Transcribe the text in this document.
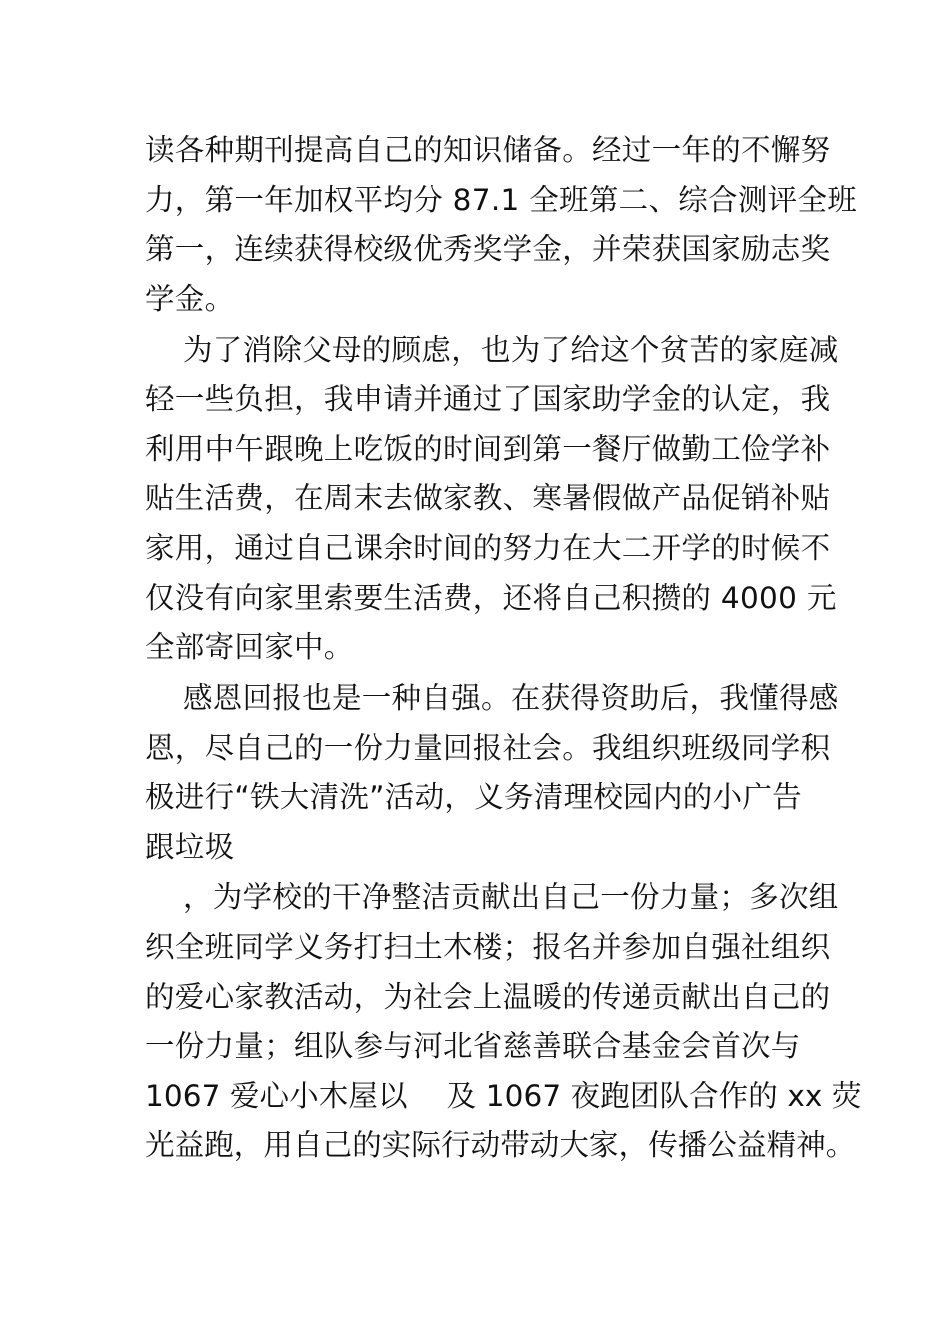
读各种期刊提高自己的知识储备。经过一年的不懈努
力，第一年加权平均分 87.1 全班第二、综合测评全班
第一，连续获得校级优秀奖学金，并荣获国家励志奖
学金。

为了消除父母的顾虑，也为了给这个贫苦的家庭减
轻一些负担，我申请并通过了国家助学金的认定，我
利用中午跟晚上吃饭的时间到第一餐厅做勤工俭学补
贴生活费，在周末去做家教、寒暑假做产品促销补贴
家用，通过自己课余时间的努力在大二开学的时候不
仅没有向家里索要生活费，还将自己积攒的 4000 元
全部寄回家中。

感恩回报也是一种自强。在获得资助后，我懂得感
恩，尽自己的一份力量回报社会。我组织班级同学积
极进行“铁大清洗”活动，义务清理校园内的小广告
跟垃圾

，为学校的干净整洁贡献出自己一份力量；多次组
织全班同学义务打扫土木楼；报名并参加自强社组织
的爱心家教活动，为社会上温暖的传递贡献出自己的
一份力量；组队参与河北省慈善联合基金会首次与
1067 爱心小木屋以　 及 1067 夜跑团队合作的 xx 荧
光益跑，用自己的实际行动带动大家，传播公益精神。
